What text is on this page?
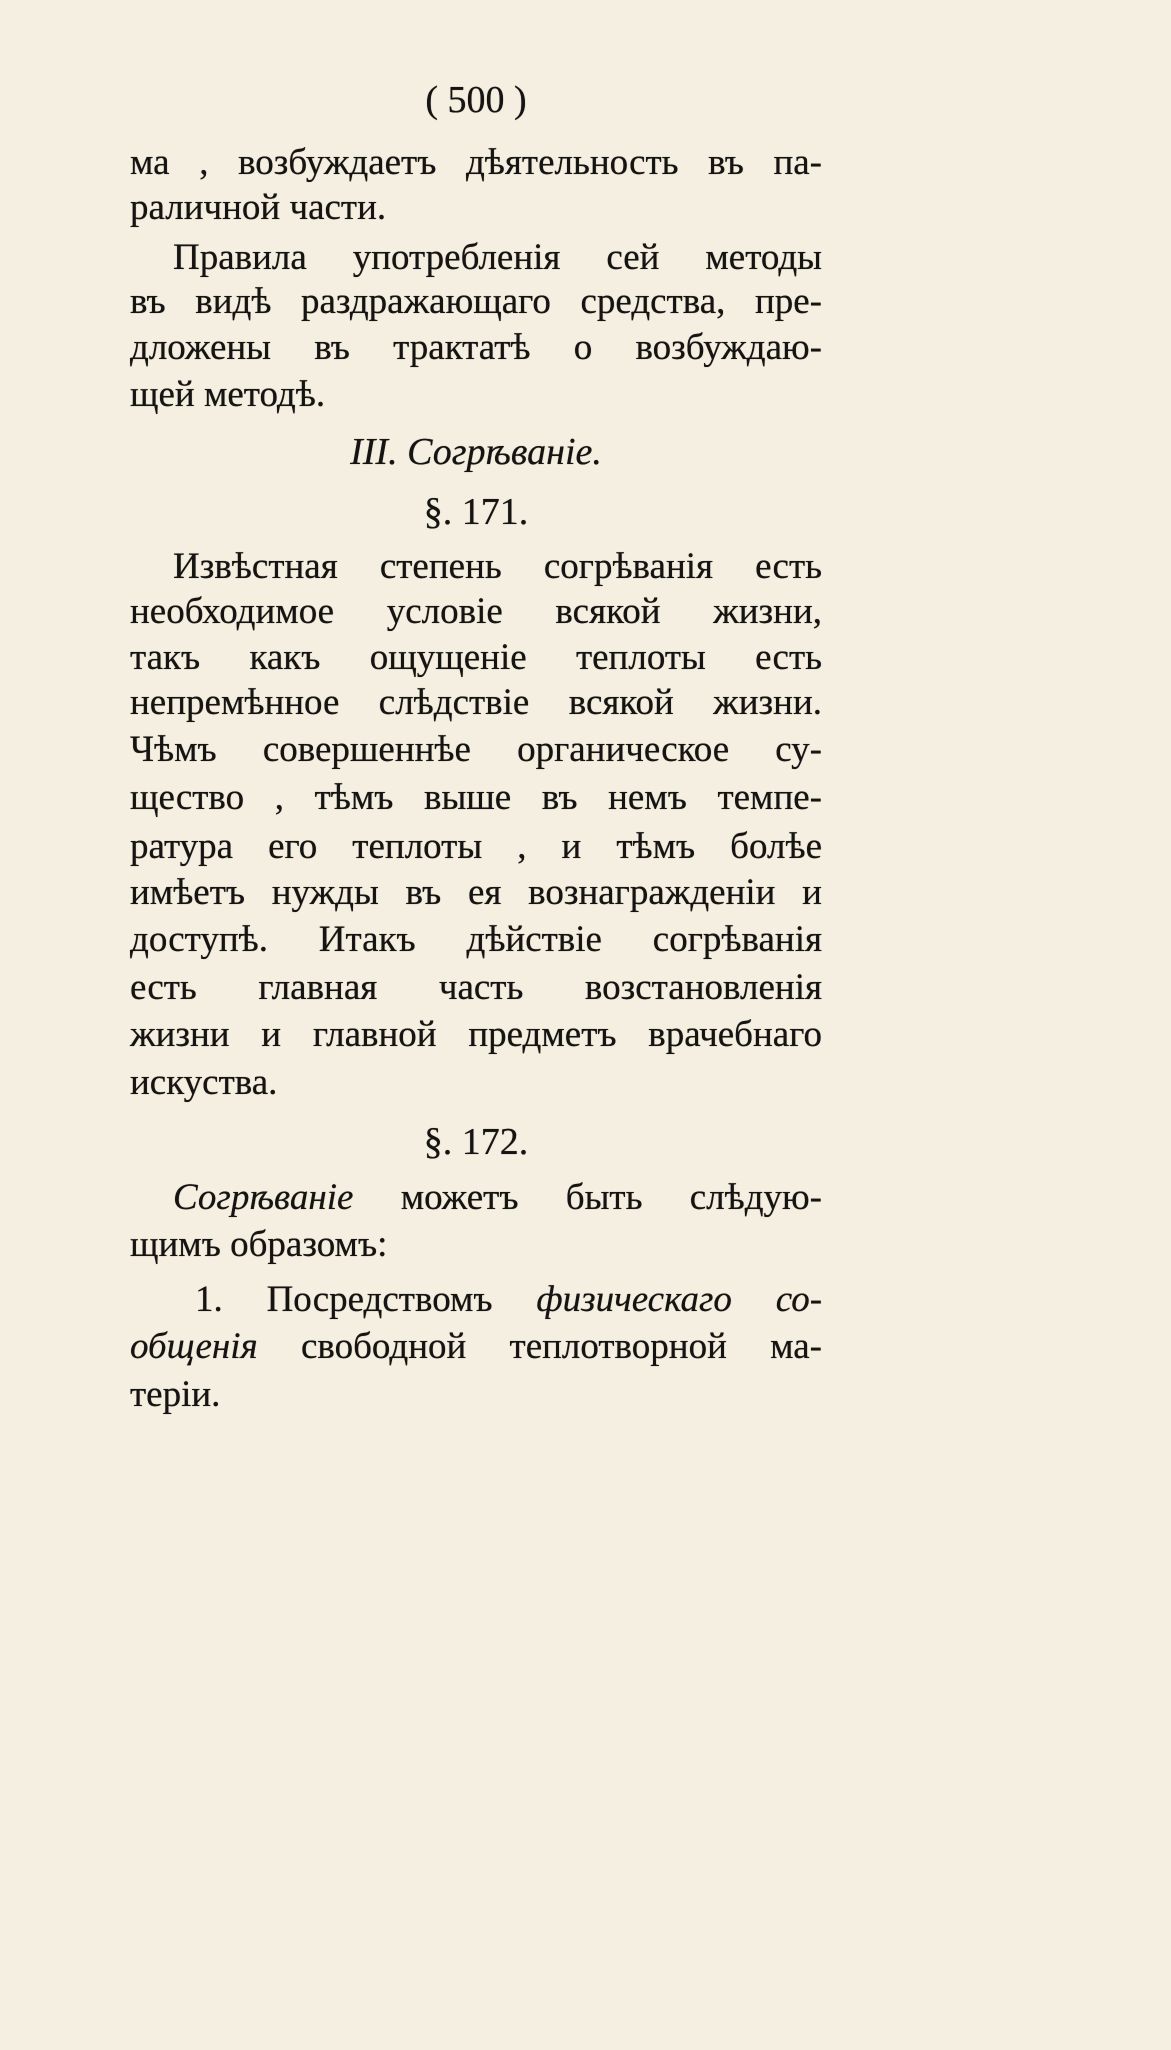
( 500 )
ма , возбуждаетъ дѣятельность въ па-
раличной части.
Правила употребленія сей методы
въ видѣ раздражающаго средства, пре-
дложены въ трактатѣ о возбуждаю-
щей методѣ.
III. Согрѣваніе.
§. 171.
Извѣстная степень согрѣванія есть
необходимое условіе всякой жизни,
такъ какъ ощущеніе теплоты есть
непремѣнное слѣдствіе всякой жизни.
Чѣмъ совершеннѣе органическое су-
щество , тѣмъ выше въ немъ темпе-
ратура его теплоты , и тѣмъ болѣе
имѣетъ нужды въ ея вознагражденіи и
доступѣ. Итакъ дѣйствіе согрѣванія
есть главная часть возстановленія
жизни и главной предметъ врачебнаго
искуства.
§. 172.
Согрѣваніе можетъ быть слѣдую-
щимъ образомъ:
1. Посредствомъ физическаго со-
общенія свободной теплотворной ма-
теріи.
